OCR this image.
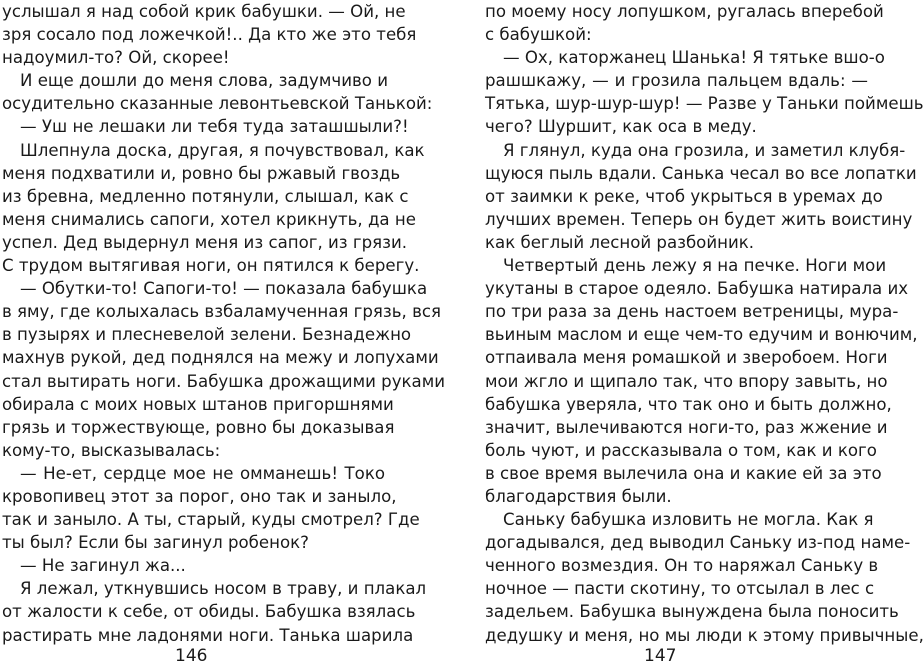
услышал я над собой крик бабушки. — Ой, не
зря сосало под ложечкой!.. Да кто же это тебя
надоумил-то? Ой, скорее!
И еще дошли до меня слова, задумчиво и
осудительно сказанные левонтьевской Танькой:
— Уш не лешаки ли тебя туда заташшыли?!
Шлепнула доска, другая, я почувствовал, как
меня подхватили и, ровно бы ржавый гвоздь
из бревна, медленно потянули, слышал, как с
меня снимались сапоги, хотел крикнуть, да не
успел. Дед выдернул меня из сапог, из грязи.
С трудом вытягивая ноги, он пятился к берегу.
— Обутки-то! Сапоги-то! — показала бабушка
в яму, где колыхалась взбаламученная грязь, вся
в пузырях и плесневелой зелени. Безнадежно
махнув рукой, дед поднялся на межу и лопухами
стал вытирать ноги. Бабушка дрожащими руками
обирала с моих новых штанов пригоршнями
грязь и торжествующе, ровно бы доказывая
кому-то, высказывалась:
— Не-ет, сердце мое не омманешь! Токо
кровопивец этот за порог, оно так и заныло,
так и заныло. А ты, старый, куды смотрел? Где
ты был? Если бы загинул робенок?
— Не загинул жа...
Я лежал, уткнувшись носом в траву, и плакал
от жалости к себе, от обиды. Бабушка взялась
растирать мне ладонями ноги. Танька шарила
по моему носу лопушком, ругалась вперебой
с бабушкой:
— Ох, каторжанец Шанька! Я тятьке вшо-о
рашшкажу, — и грозила пальцем вдаль: —
Тятька, шур-шур-шур! — Разве у Таньки поймешь
чего? Шуршит, как оса в меду.
Я глянул, куда она грозила, и заметил клубя-
щуюся пыль вдали. Санька чесал во все лопатки
от заимки к реке, чтоб укрыться в уремах до
лучших времен. Теперь он будет жить воистину
как беглый лесной разбойник.
Четвертый день лежу я на печке. Ноги мои
укутаны в старое одеяло. Бабушка натирала их
по три раза за день настоем ветреницы, мура-
вьиным маслом и еще чем-то едучим и вонючим,
отпаивала меня ромашкой и зверобоем. Ноги
мои жгло и щипало так, что впору завыть, но
бабушка уверяла, что так оно и быть должно,
значит, вылечиваются ноги-то, раз жжение и
боль чуют, и рассказывала о том, как и кого
в свое время вылечила она и какие ей за это
благодарствия были.
Саньку бабушка изловить не могла. Как я
догадывался, дед выводил Саньку из-под наме-
ченного возмездия. Он то наряжал Саньку в
ночное — пасти скотину, то отсылал в лес с
задельем. Бабушка вынуждена была поносить
дедушку и меня, но мы люди к этому привычные,
146	147
